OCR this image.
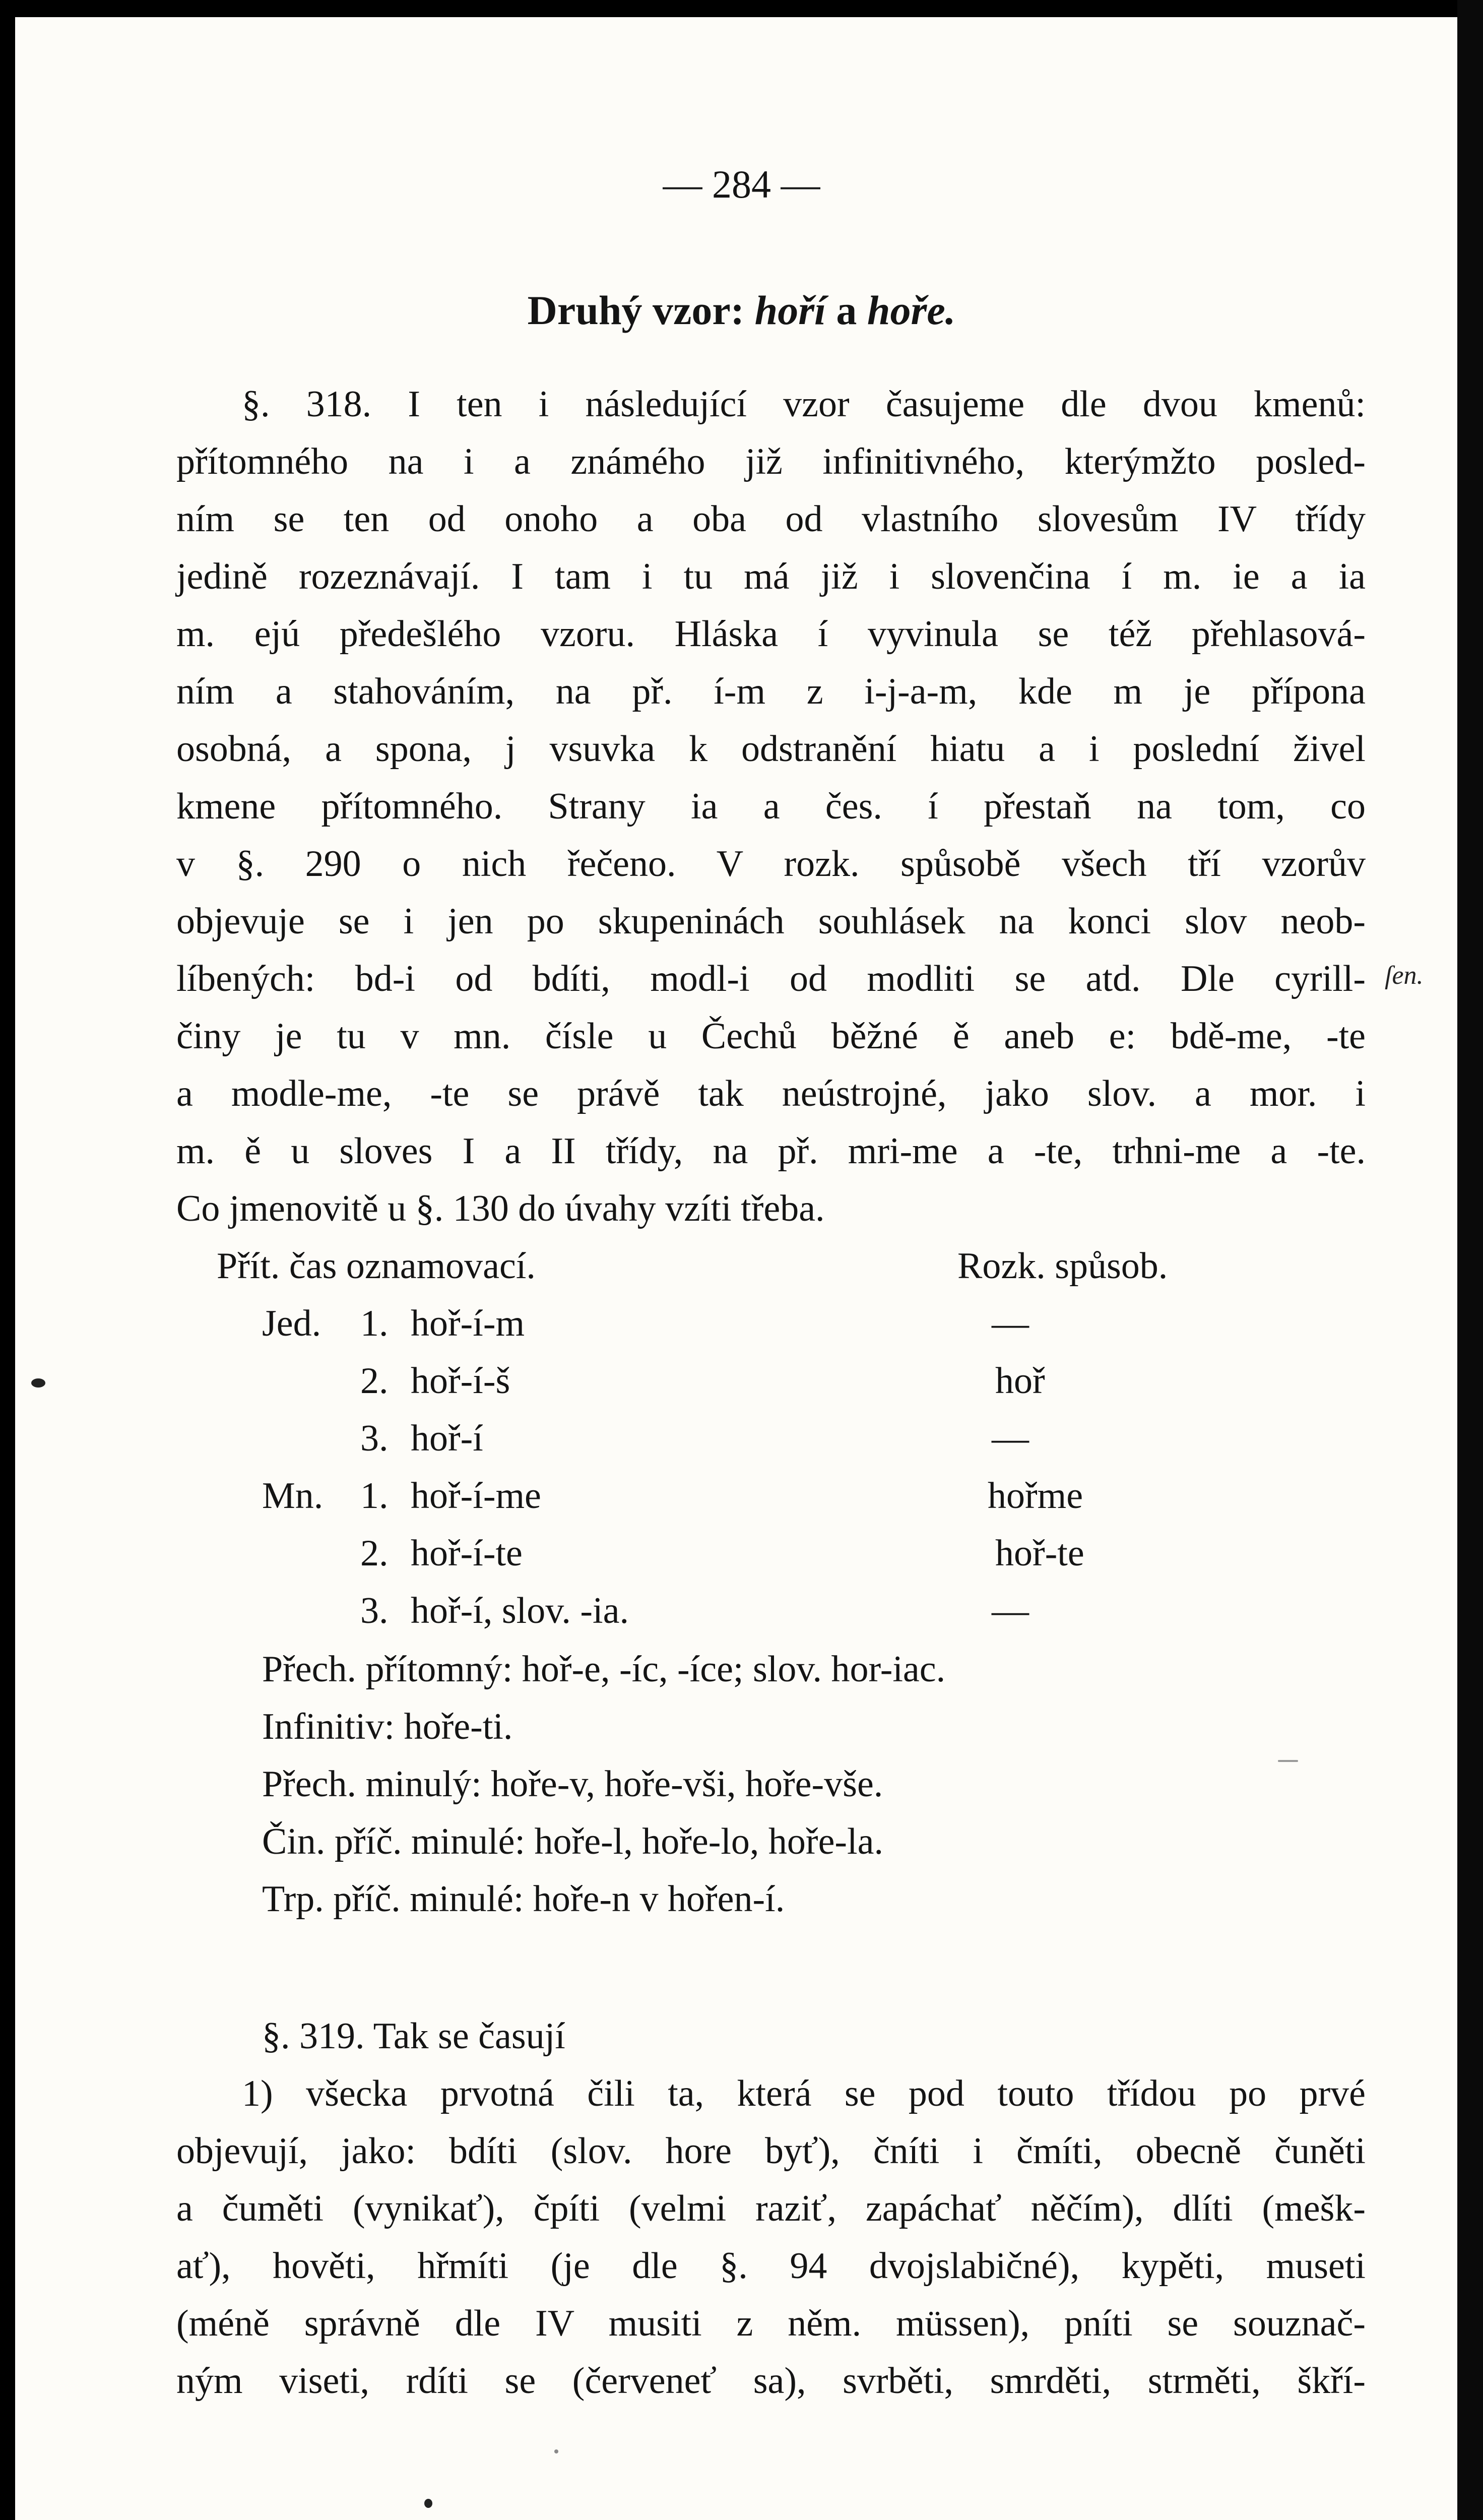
— 284 —
Druhý vzor: hoří a hoře.
§. 318. I ten i následující vzor časujeme dle dvou kmenů:
přítomného na i a známého již infinitivného, kterýmžto posled-
ním se ten od onoho a oba od vlastního slovesům IV třídy
jedině rozeznávají. I tam i tu má již i slovenčina í m. ie a ia
m. ejú předešlého vzoru. Hláska í vyvinula se též přehlasová-
ním a stahováním, na př. í-m z i-j-a-m, kde m je přípona
osobná, a spona, j vsuvka k odstranění hiatu a i poslední živel
kmene přítomného. Strany ia a čes. í přestaň na tom, co
v §. 290 o nich řečeno. V rozk. spůsobě všech tří vzorův
objevuje se i jen po skupeninách souhlásek na konci slov neob-
líbených: bd-i od bdíti, modl-i od modliti se atd. Dle cyrill-
činy je tu v mn. čísle u Čechů běžné ě aneb e: bdě-me, -te
a modle-me, -te se právě tak neústrojné, jako slov. a mor. i
m. ě u sloves I a II třídy, na př. mri-me a -te, trhni-me a -te.
Co jmenovitě u §. 130 do úvahy vzíti třeba.
ſen.
Přít. čas oznamovací.	Rozk. spůsob.
Jed. 1. hoř-í-m	—
2. hoř-í-š	hoř
3. hoř-í	—
Mn. 1. hoř-í-me	hořme
2. hoř-í-te	hoř-te
3. hoř-í, slov. -ia.	—
Přech. přítomný: hoř-e, -íc, -íce; slov. hor-iac.
Infinitiv: hoře-ti.
Přech. minulý: hoře-v, hoře-vši, hoře-vše.
Čin. příč. minulé: hoře-l, hoře-lo, hoře-la.
Trp. příč. minulé: hoře-n v hořen-í.
§. 319. Tak se časují
1) všecka prvotná čili ta, která se pod touto třídou po prvé
objevují, jako: bdíti (slov. hore byť), čníti i čmíti, obecně čuněti
a čuměti (vynikať), čpíti (velmi raziť, zapáchať něčím), dlíti (mešk-
ať), hověti, hřmíti (je dle §. 94 dvojslabičné), kypěti, museti
(méně správně dle IV musiti z něm. müssen), pníti se souznač-
ným viseti, rdíti se (červeneť sa), svrběti, smrděti, strměti, škří-
